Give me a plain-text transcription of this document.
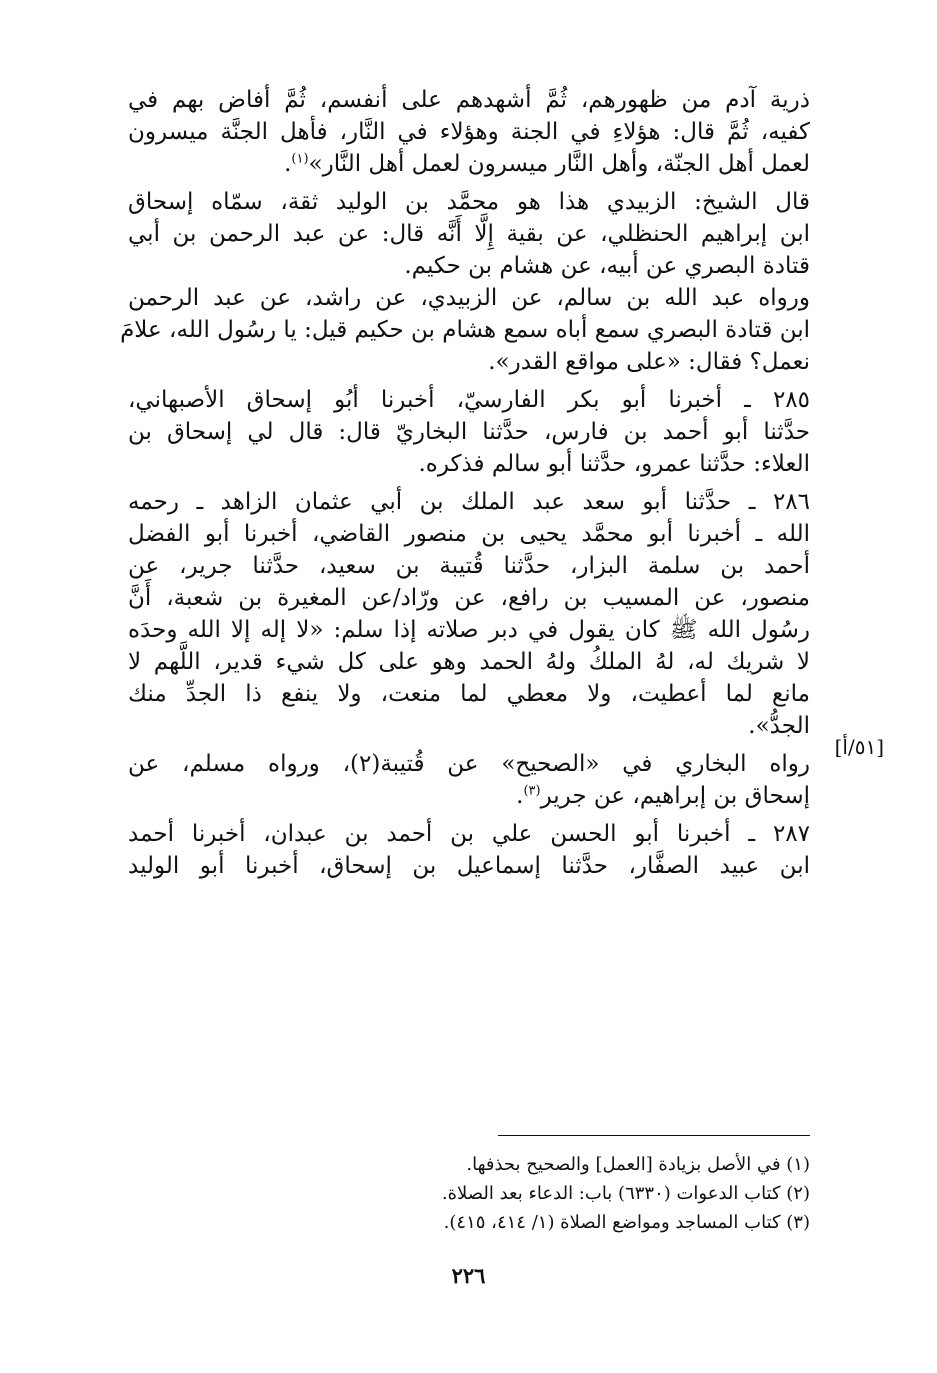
ذرية آدم من ظهورهم، ثُمَّ أشهدهم على أنفسم، ثُمَّ أفاض بهم في
كفيه، ثُمَّ قال: هؤلاءِ في الجنة وهؤلاء في النَّار، فأهل الجنَّة ميسرون
لعمل أهل الجنّة، وأهل النَّار ميسرون لعمل أهل النَّار»$^{(١)}$.

قال الشيخ: الزبيدي هذا هو محمَّد بن الوليد ثقة، سمّاه إسحاق
ابن إبراهيم الحنظلي، عن بقية إِلَّا أَنَّه قال: عن عبد الرحمن بن أبي
قتادة البصري عن أبيه، عن هشام بن حكيم.

ورواه عبد الله بن سالم، عن الزبيدي، عن راشد، عن عبد الرحمن
ابن قتادة البصري سمع أباه سمع هشام بن حكيم قيل: يا رسُول الله، علامَ
نعمل؟ فقال: «على مواقع القدر».

٢٨٥ ـ أخبرنا أبو بكر الفارسيّ، أخبرنا أبُو إسحاق الأصبهاني،
حدَّثنا أبو أحمد بن فارس، حدَّثنا البخاريّ قال: قال لي إسحاق بن
العلاء: حدَّثنا عمرو، حدَّثنا أبو سالم فذكره.

٢٨٦ ـ حدَّثنا أبو سعد عبد الملك بن أبي عثمان الزاهد ـ رحمه
الله ـ أخبرنا أبو محمَّد يحيى بن منصور القاضي، أخبرنا أبو الفضل
أحمد بن سلمة البزار، حدَّثنا قُتيبة بن سعيد، حدَّثنا جرير، عن
منصور، عن المسيب بن رافع، عن ورّاد/عن المغيرة بن شعبة، أَنَّ
رسُول الله ﷺ كان يقول في دبر صلاته إذا سلم: «لا إله إلا الله وحدَه
لا شريك له، لهُ الملكُ ولهُ الحمد وهو على كل شيء قدير، اللَّهم لا
مانع لما أعطيت، ولا معطي لما منعت، ولا ينفع ذا الجدِّ منك
الجدُّ».

رواه البخاري في «الصحيح» عن قُتيبة(٢)، ورواه مسلم، عن
إسحاق بن إبراهيم، عن جرير$^{(٣)}$.

٢٨٧ ـ أخبرنا أبو الحسن علي بن أحمد بن عبدان، أخبرنا أحمد
ابن عبيد الصفَّار، حدَّثنا إسماعيل بن إسحاق، أخبرنا أبو الوليد

[٥١/أ]
(١) في الأصل بزيادة [العمل] والصحيح بحذفها.
(٢) كتاب الدعوات (٦٣٣٠) باب: الدعاء بعد الصلاة.
(٣) كتاب المساجد ومواضع الصلاة (١/ ٤١٤، ٤١٥).
٢٢٦
